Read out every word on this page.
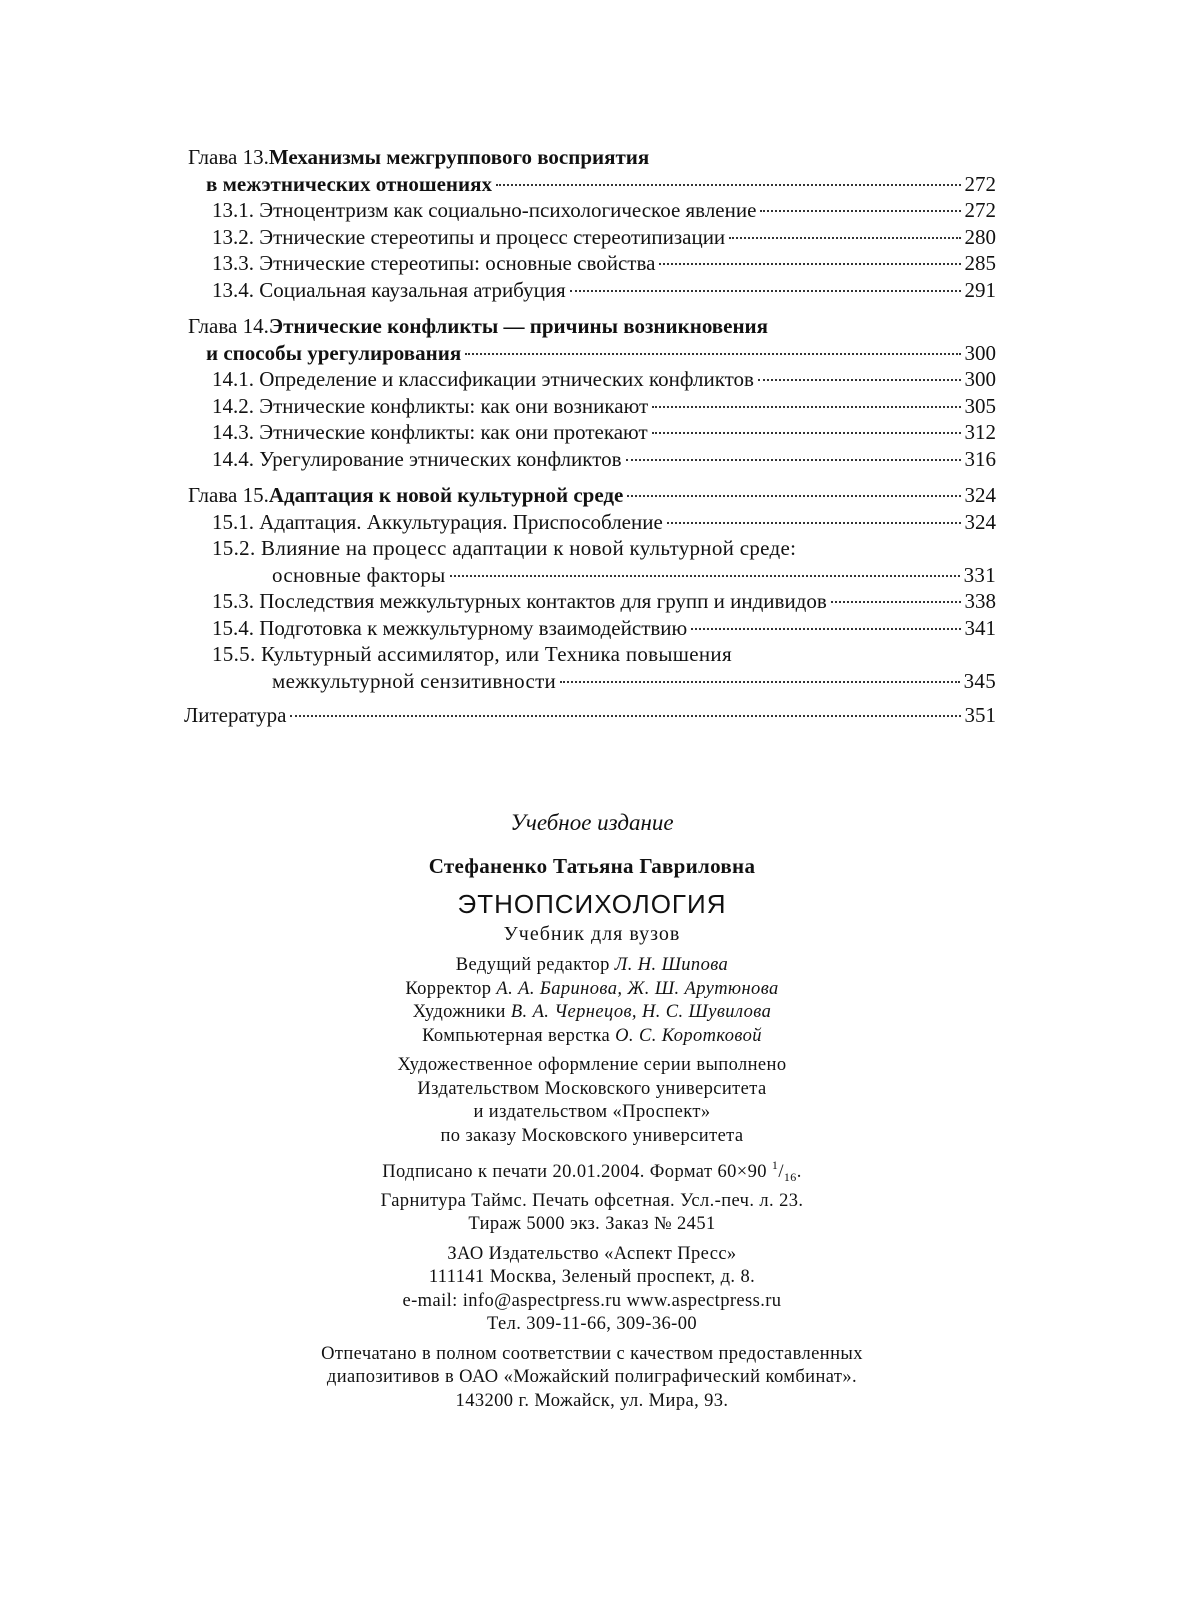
Глава 13. Механизмы межгруппового восприятия
в межэтнических отношениях	272
13.1. Этноцентризм как социально-психологическое явление	272
13.2. Этнические стереотипы и процесс стереотипизации	280
13.3. Этнические стереотипы: основные свойства	285
13.4. Социальная каузальная атрибуция	291
Глава 14. Этнические конфликты — причины возникновения
и способы урегулирования	300
14.1. Определение и классификации этнических конфликтов	300
14.2. Этнические конфликты: как они возникают	305
14.3. Этнические конфликты: как они протекают	312
14.4. Урегулирование этнических конфликтов	316
Глава 15. Адаптация к новой культурной среде	324
15.1. Адаптация. Аккультурация. Приспособление	324
15.2. Влияние на процесс адаптации к новой культурной среде:
основные факторы	331
15.3. Последствия межкультурных контактов для групп и индивидов	338
15.4. Подготовка к межкультурному взаимодействию	341
15.5. Культурный ассимилятор, или Техника повышения
межкультурной сензитивности	345
Литература	351
Учебное издание
Стефаненко Татьяна Гавриловна
ЭТНОПСИХОЛОГИЯ
Учебник для вузов
Ведущий редактор Л. Н. Шипова
Корректор А. А. Баринова, Ж. Ш. Арутюнова
Художники В. А. Чернецов, Н. С. Шувилова
Компьютерная верстка О. С. Коротковой
Художественное оформление серии выполнено
Издательством Московского университета
и издательством «Проспект»
по заказу Московского университета
Подписано к печати 20.01.2004. Формат 60×90 $^1/_{16}$.
Гарнитура Таймс. Печать офсетная. Усл.-печ. л. 23.
Тираж 5000 экз. Заказ № 2451
ЗАО Издательство «Аспект Пресс»
111141 Москва, Зеленый проспект, д. 8.
e-mail: info@aspectpress.ru www.aspectpress.ru
Тел. 309-11-66, 309-36-00
Отпечатано в полном соответствии с качеством предоставленных
диапозитивов в ОАО «Можайский полиграфический комбинат».
143200 г. Можайск, ул. Мира, 93.
